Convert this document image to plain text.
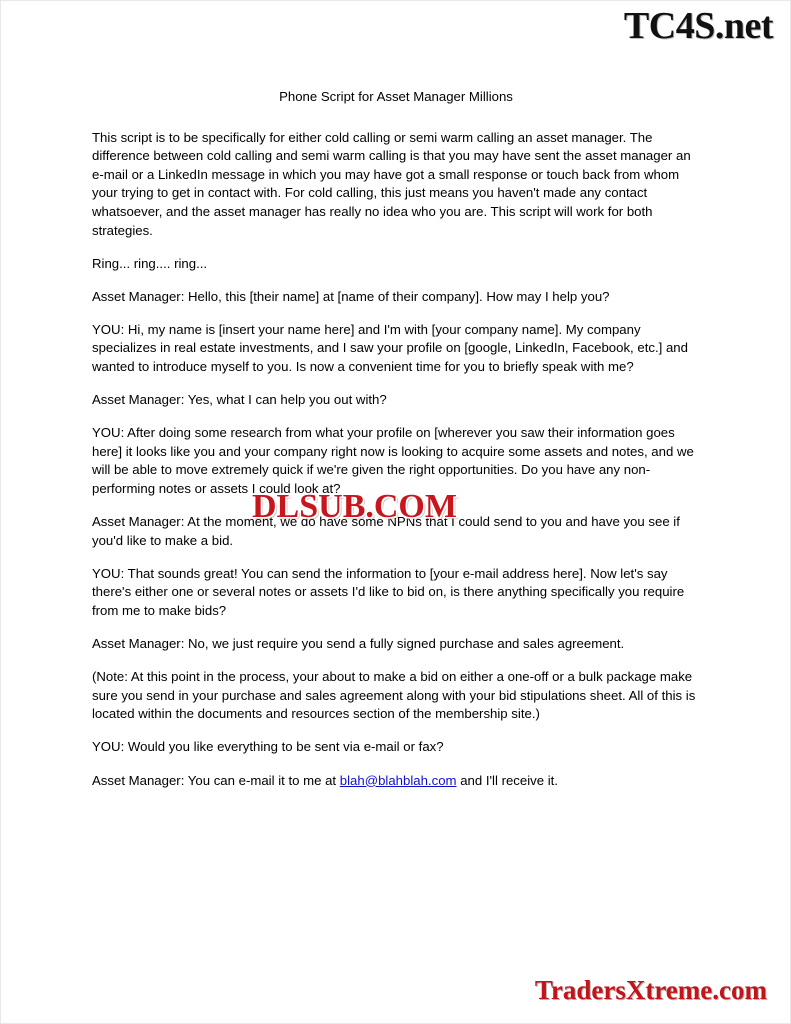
TC4S.net

Phone Script for Asset Manager Millions

This script is to be specifically for either cold calling or semi warm calling an asset manager. The difference between cold calling and semi warm calling is that you may have sent the asset manager an e-mail or a LinkedIn message in which you may have got a small response or touch back from whom your trying to get in contact with. For cold calling, this just means you haven't made any contact whatsoever, and the asset manager has really no idea who you are. This script will work for both strategies.

Ring... ring.... ring...

Asset Manager: Hello, this [their name] at [name of their company]. How may I help you?

YOU: Hi, my name is [insert your name here] and I'm with [your company name]. My company specializes in real estate investments, and I saw your profile on [google, LinkedIn, Facebook, etc.] and wanted to introduce myself to you. Is now a convenient time for you to briefly speak with me?

Asset Manager: Yes, what I can help you out with?

YOU: After doing some research from what your profile on [wherever you saw their information goes here] it looks like you and your company right now is looking to acquire some assets and notes, and we will be able to move extremely quick if we're given the right opportunities. Do you have any non-performing notes or assets I could look at?

Asset Manager: At the moment, we do have some NPNs that I could send to you and have you see if you'd like to make a bid.

YOU: That sounds great! You can send the information to [your e-mail address here]. Now let's say there's either one or several notes or assets I'd like to bid on, is there anything specifically you require from me to make bids?

Asset Manager: No, we just require you send a fully signed purchase and sales agreement.

(Note: At this point in the process, your about to make a bid on either a one-off or a bulk package make sure you send in your purchase and sales agreement along with your bid stipulations sheet. All of this is located within the documents and resources section of the membership site.)

YOU: Would you like everything to be sent via e-mail or fax?

Asset Manager: You can e-mail it to me at blah@blahblah.com and I'll receive it.

DLSUB.COM
TradersXtreme.com
